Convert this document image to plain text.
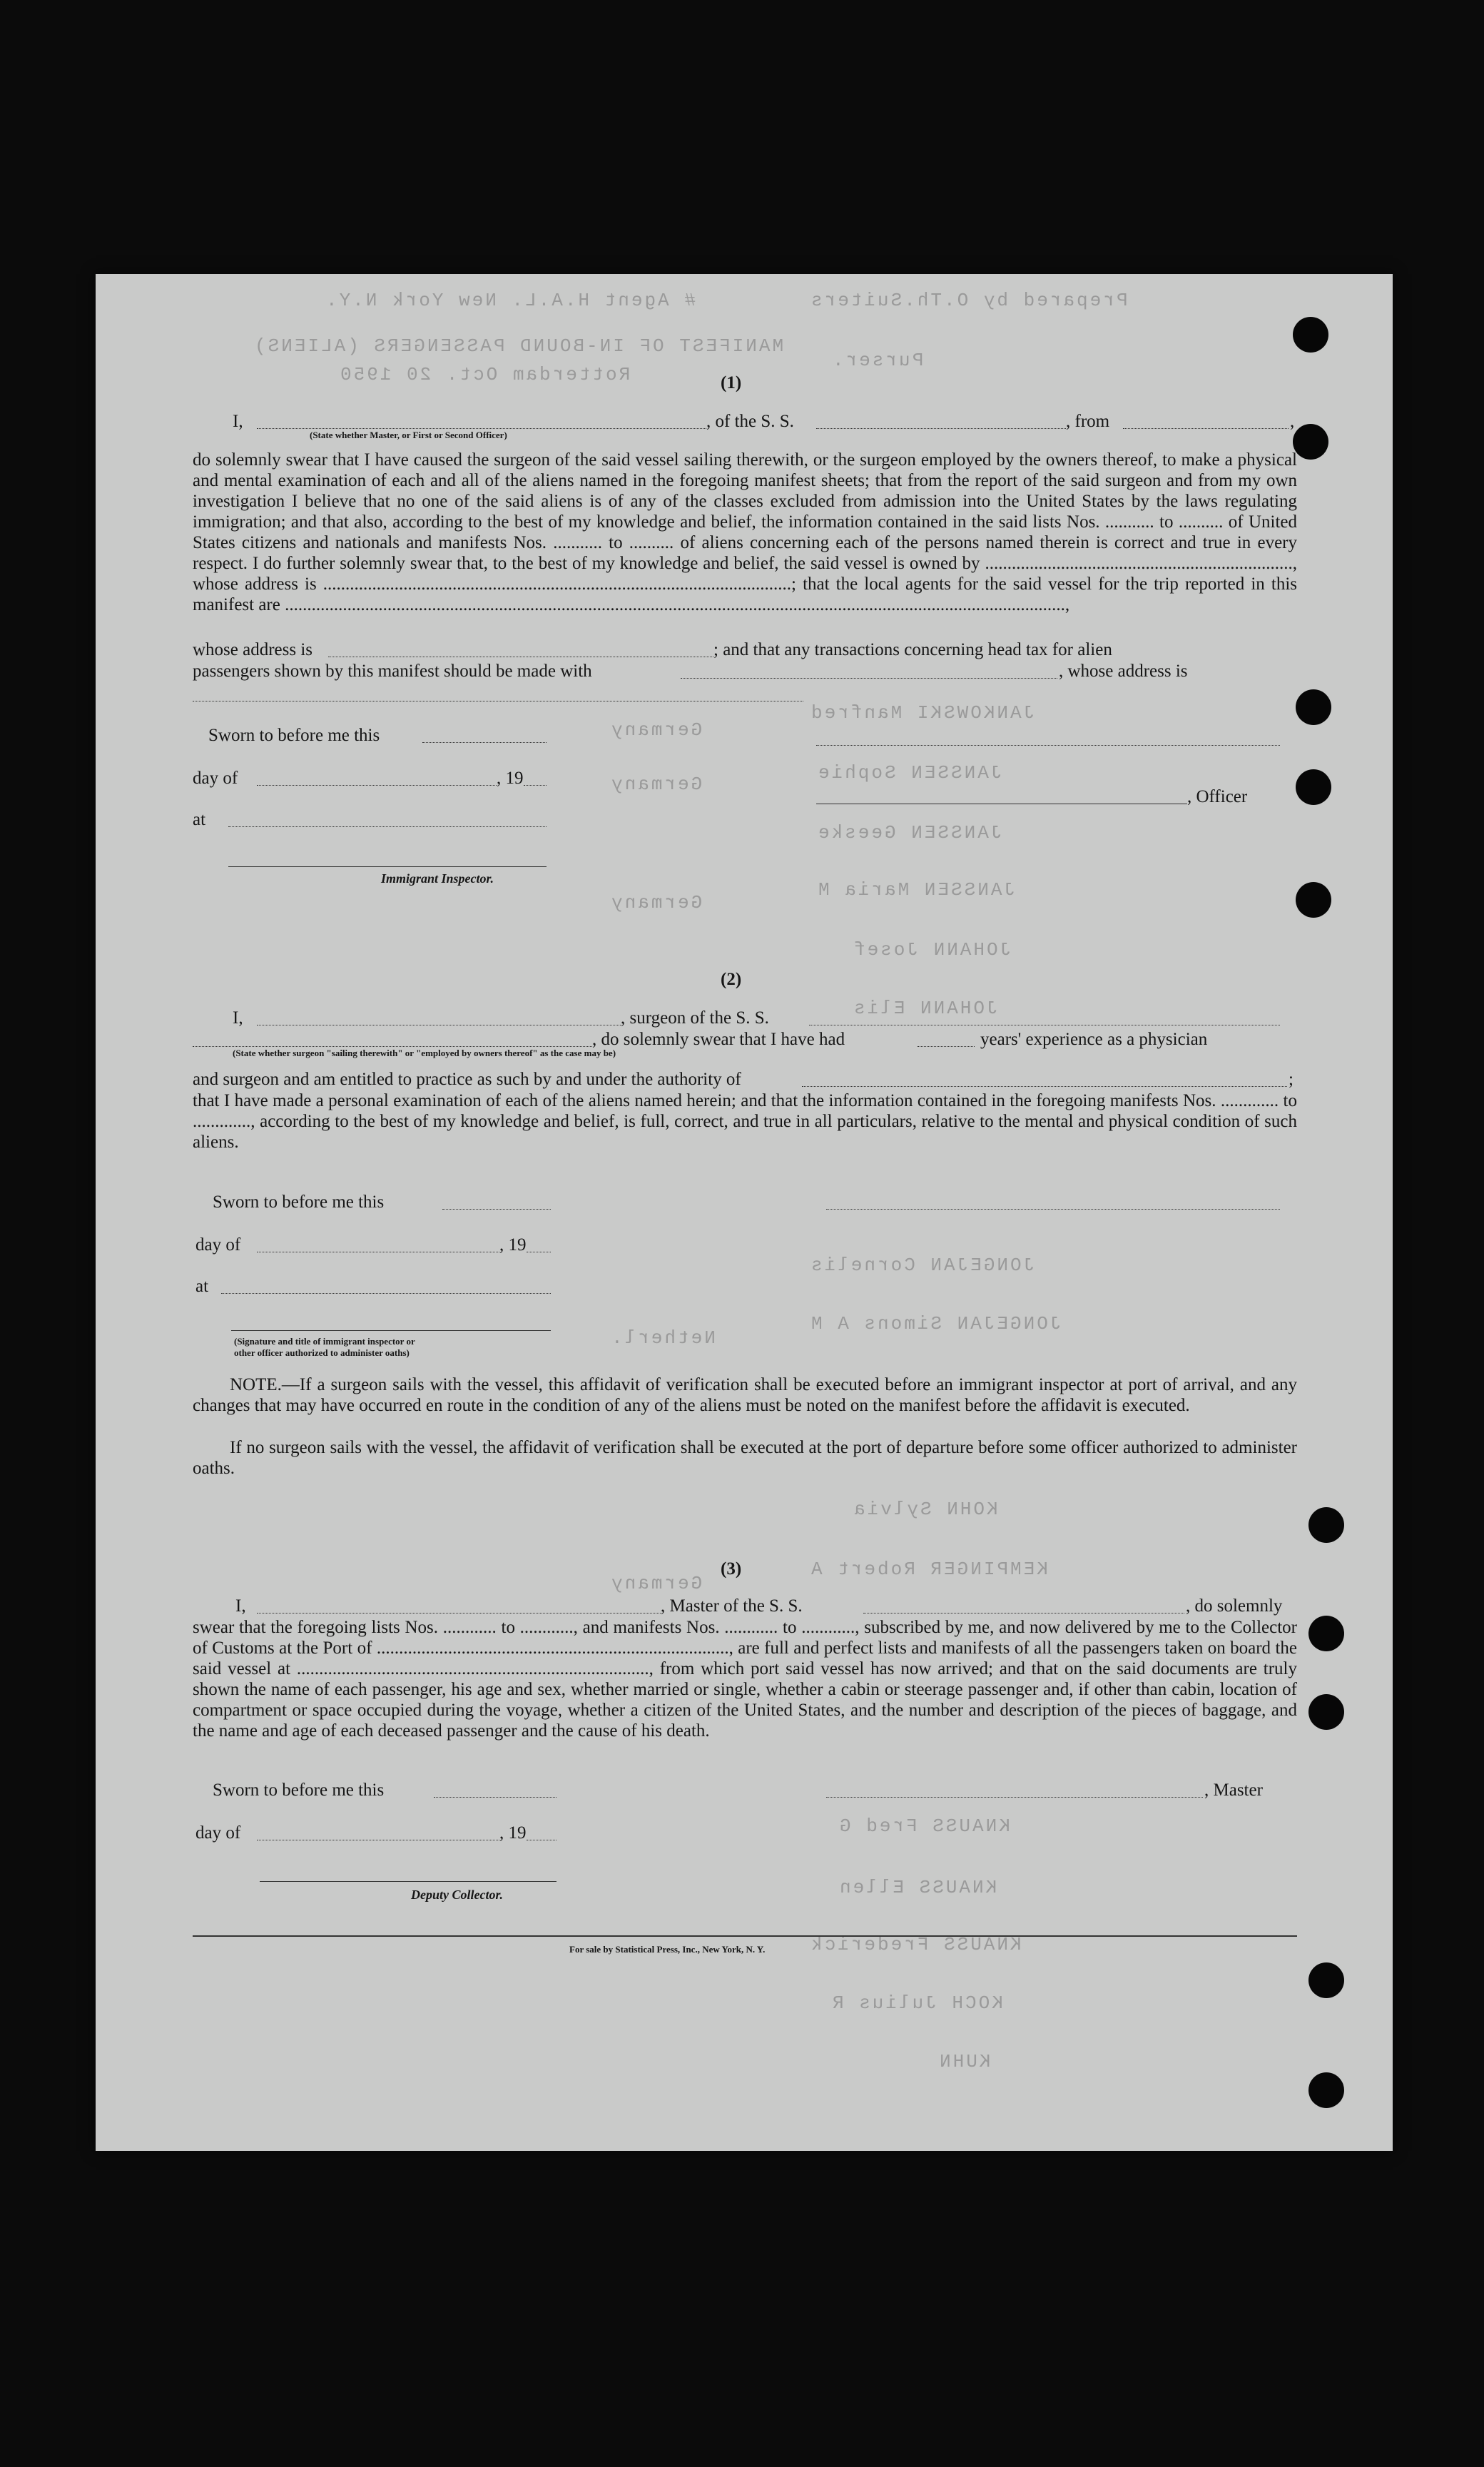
# Agent H.A.L. New York N.Y.	Prepared by O.Th.Suiters
MANIFEST OF IN-BOUND PASSENGERS (ALIENS)
Rotterdam Oct. 20 1950
Purser.
JANKOWSKI Manfred
Germany
JANSSEN Sophie
Germany
JANSSEN Geeske
JANSSEN Maria M
Germany
JOHANN Josef
JOHANN Elis
JONGEJAN Cornelis
JONGEJAN Simons A M
Netherl.
KOHN Sylvia
KEMPINGER Robert A
Germany
KNAUSS Fred G
KNAUSS Ellen
KNAUSS Frederick
KOCH Julius R
KUHN
(1)
I,
(State whether Master, or First or Second Officer)
, of the S. S.	, from	,
do solemnly swear that I have caused the surgeon of the said vessel sailing therewith, or the surgeon employed by the owners thereof, to make a physical and mental examination of each and all of the aliens named in the foregoing manifest sheets; that from the report of the said surgeon and from my own investigation I believe that no one of the said aliens is of any of the classes excluded from admission into the United States by the laws regulating immigration; and that also, according to the best of my knowledge and belief, the information contained in the said lists Nos. ........... to .......... of United States citizens and nationals and manifests Nos. ........... to .......... of aliens concerning each of the persons named therein is correct and true in every respect. I do further solemnly swear that, to the best of my knowledge and belief, the said vessel is owned by ....................................................................., whose address is .........................................................................................................; that the local agents for the said vessel for the trip reported in this manifest are ...............................................................................................................................................................................,
whose address is	; and that any transactions concerning head tax for alien
passengers shown by this manifest should be made with	, whose address is
Sworn to before me this
day of	, 19
at
Immigrant Inspector.
, Officer
(2)
I,	, surgeon of the S. S.
, do solemnly swear that I have had	years' experience as a physician
(State whether surgeon "sailing therewith" or "employed by owners thereof" as the case may be)
and surgeon and am entitled to practice as such by and under the authority of	;
that I have made a personal examination of each of the aliens named herein; and that the information contained in the foregoing manifests Nos. ............. to ............., according to the best of my knowledge and belief, is full, correct, and true in all particulars, relative to the mental and physical condition of such aliens.
Sworn to before me this
day of	, 19
at
(Signature and title of immigrant inspector or other officer authorized to administer oaths)
NOTE.—If a surgeon sails with the vessel, this affidavit of verification shall be executed before an immigrant inspector at port of arrival, and any changes that may have occurred en route in the condition of any of the aliens must be noted on the manifest before the affidavit is executed.
If no surgeon sails with the vessel, the affidavit of verification shall be executed at the port of departure before some officer authorized to administer oaths.
(3)
I,	, Master of the S. S.	, do solemnly
swear that the foregoing lists Nos. ............ to ............, and manifests Nos. ............ to ............, subscribed by me, and now delivered by me to the Collector of Customs at the Port of ..............................................................................., are full and perfect lists and manifests of all the passengers taken on board the said vessel at ..............................................................................., from which port said vessel has now arrived; and that on the said documents are truly shown the name of each passenger, his age and sex, whether married or single, whether a cabin or steerage passenger and, if other than cabin, location of compartment or space occupied during the voyage, whether a citizen of the United States, and the number and description of the pieces of baggage, and the name and age of each deceased passenger and the cause of his death.
Sworn to before me this
day of	, 19
Deputy Collector.
, Master
For sale by Statistical Press, Inc., New York, N. Y.
